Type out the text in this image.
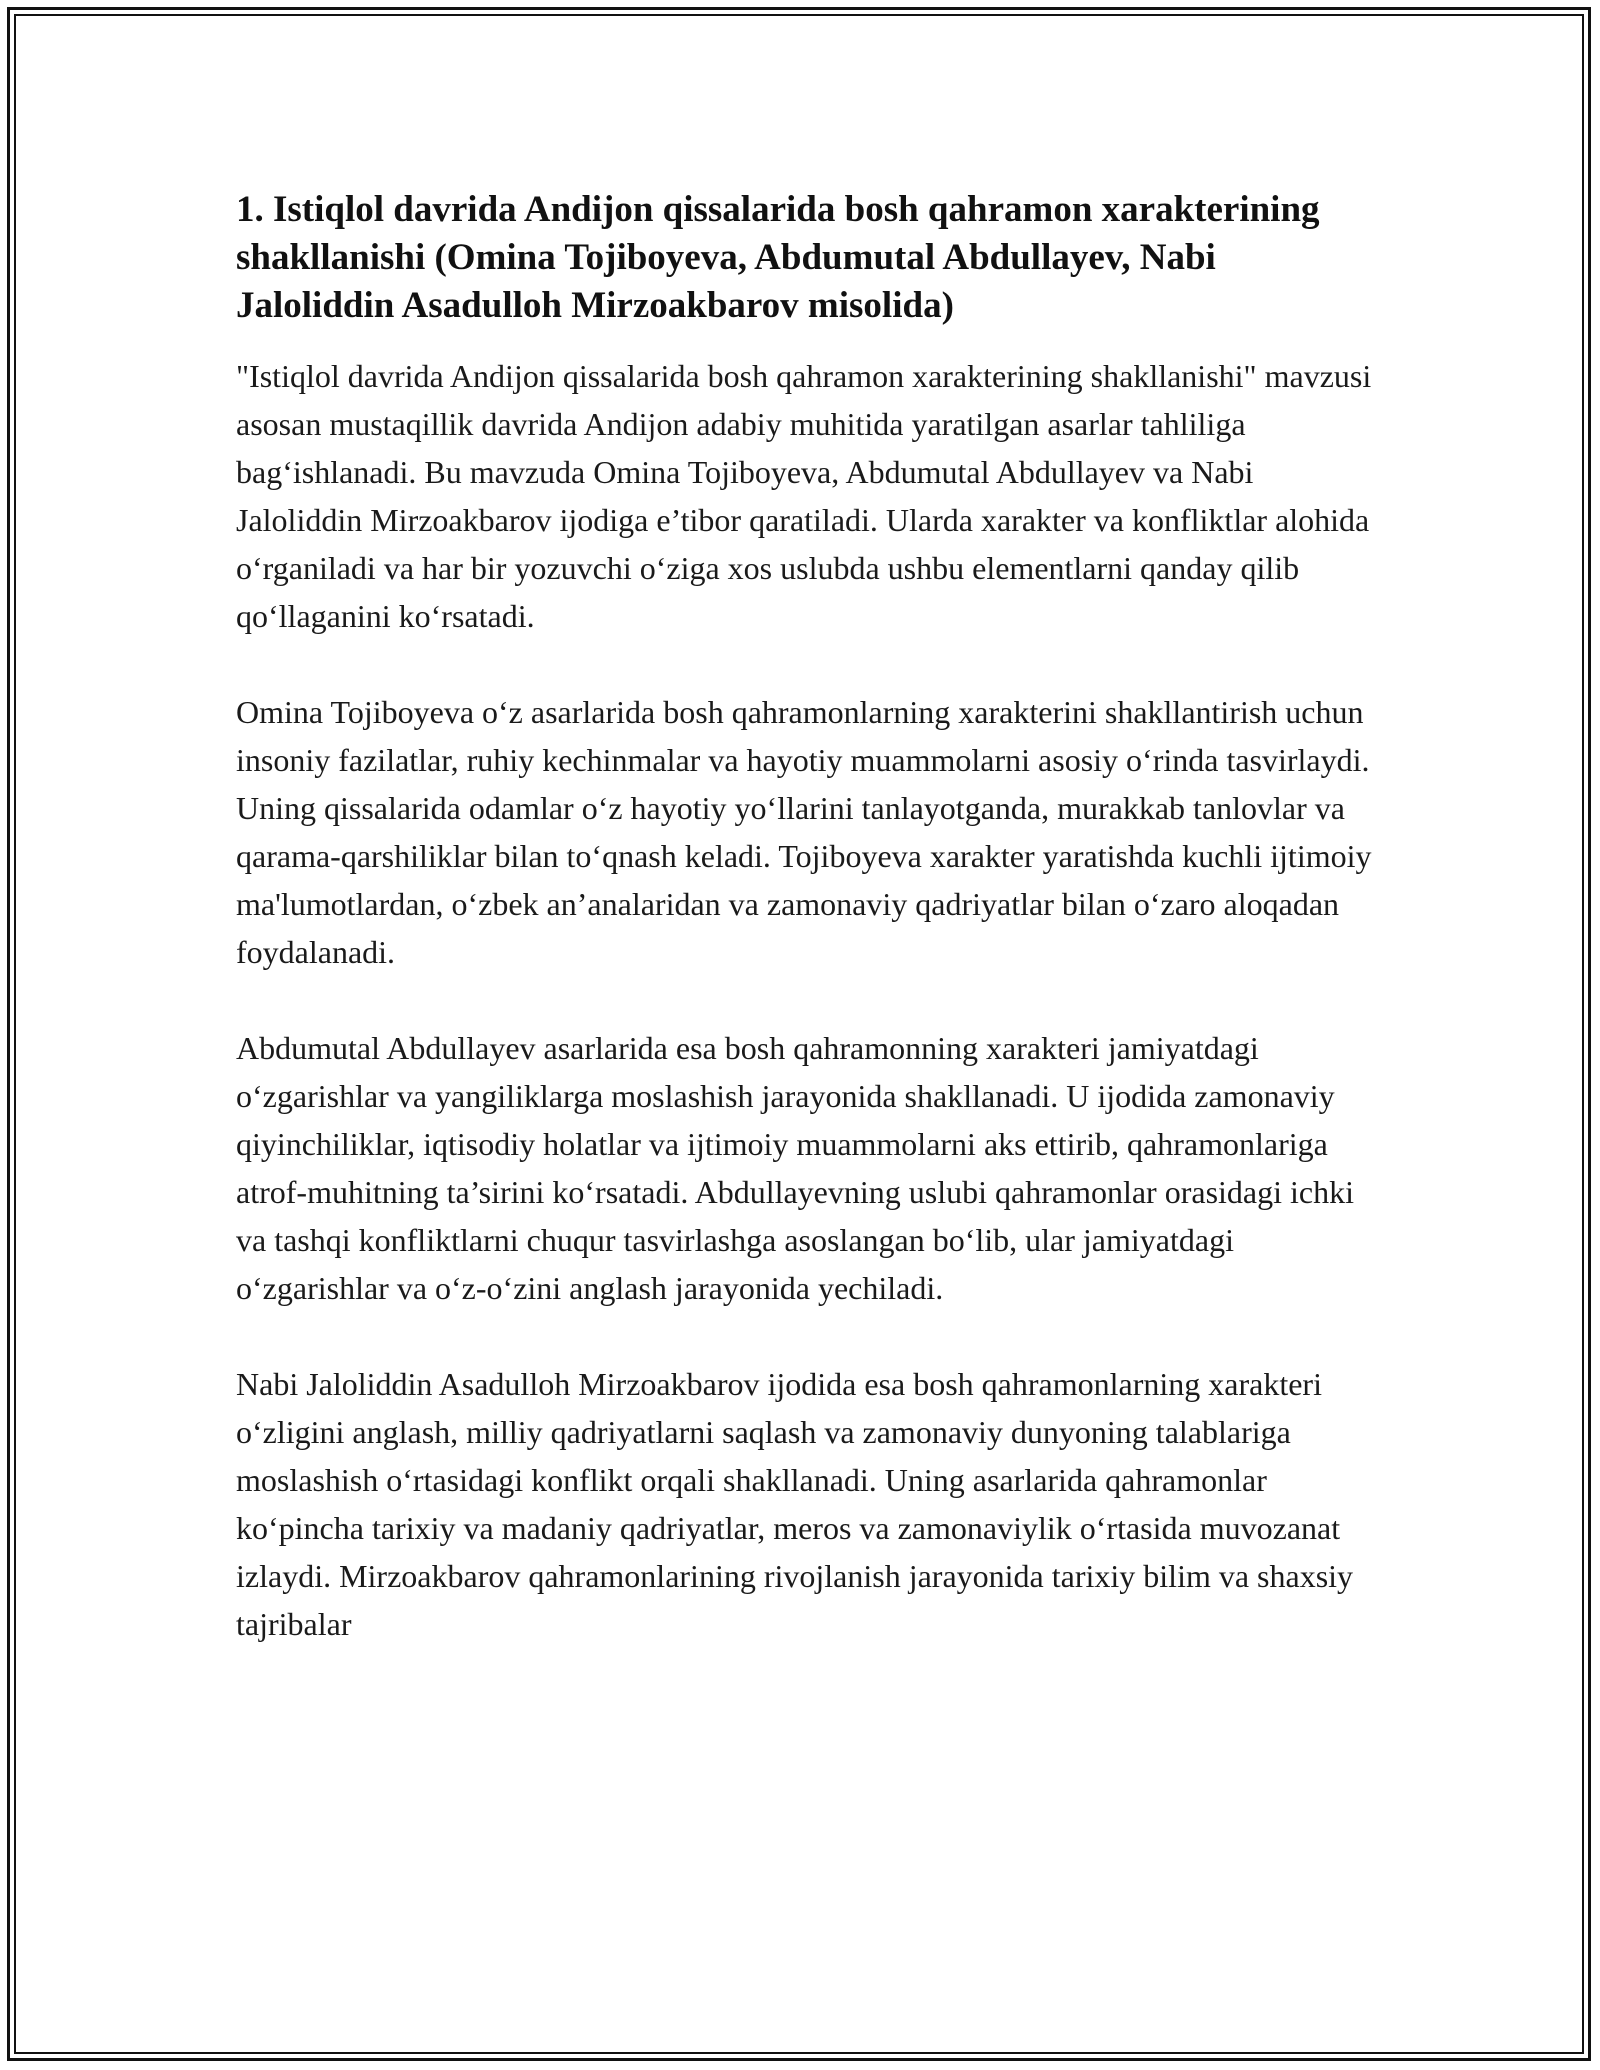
1. Istiqlol davrida Andijon qissalarida bosh qahramon xarakterining shakllanishi (Omina Tojiboyeva, Abdumutal Abdullayev, Nabi Jaloliddin Asadulloh Mirzoakbarov misolida)

"Istiqlol davrida Andijon qissalarida bosh qahramon xarakterining shakllanishi" mavzusi asosan mustaqillik davrida Andijon adabiy muhitida yaratilgan asarlar tahliliga bagʻishlanadi. Bu mavzuda Omina Tojiboyeva, Abdumutal Abdullayev va Nabi Jaloliddin Mirzoakbarov ijodiga e’tibor qaratiladi. Ularda xarakter va konfliktlar alohida oʻrganiladi va har bir yozuvchi oʻziga xos uslubda ushbu elementlarni qanday qilib qoʻllaganini koʻrsatadi.

Omina Tojiboyeva oʻz asarlarida bosh qahramonlarning xarakterini shakllantirish uchun insoniy fazilatlar, ruhiy kechinmalar va hayotiy muammolarni asosiy oʻrinda tasvirlaydi. Uning qissalarida odamlar oʻz hayotiy yoʻllarini tanlayotganda, murakkab tanlovlar va qarama-qarshiliklar bilan toʻqnash keladi. Tojiboyeva xarakter yaratishda kuchli ijtimoiy ma'lumotlardan, oʻzbek an’analaridan va zamonaviy qadriyatlar bilan oʻzaro aloqadan foydalanadi.

Abdumutal Abdullayev asarlarida esa bosh qahramonning xarakteri jamiyatdagi oʻzgarishlar va yangiliklarga moslashish jarayonida shakllanadi. U ijodida zamonaviy qiyinchiliklar, iqtisodiy holatlar va ijtimoiy muammolarni aks ettirib, qahramonlariga atrof-muhitning ta’sirini koʻrsatadi. Abdullayevning uslubi qahramonlar orasidagi ichki va tashqi konfliktlarni chuqur tasvirlashga asoslangan boʻlib, ular jamiyatdagi oʻzgarishlar va oʻz-oʻzini anglash jarayonida yechiladi.

Nabi Jaloliddin Asadulloh Mirzoakbarov ijodida esa bosh qahramonlarning xarakteri oʻzligini anglash, milliy qadriyatlarni saqlash va zamonaviy dunyoning talablariga moslashish oʻrtasidagi konflikt orqali shakllanadi. Uning asarlarida qahramonlar koʻpincha tarixiy va madaniy qadriyatlar, meros va zamonaviylik oʻrtasida muvozanat izlaydi. Mirzoakbarov qahramonlarining rivojlanish jarayonida tarixiy bilim va shaxsiy tajribalar
